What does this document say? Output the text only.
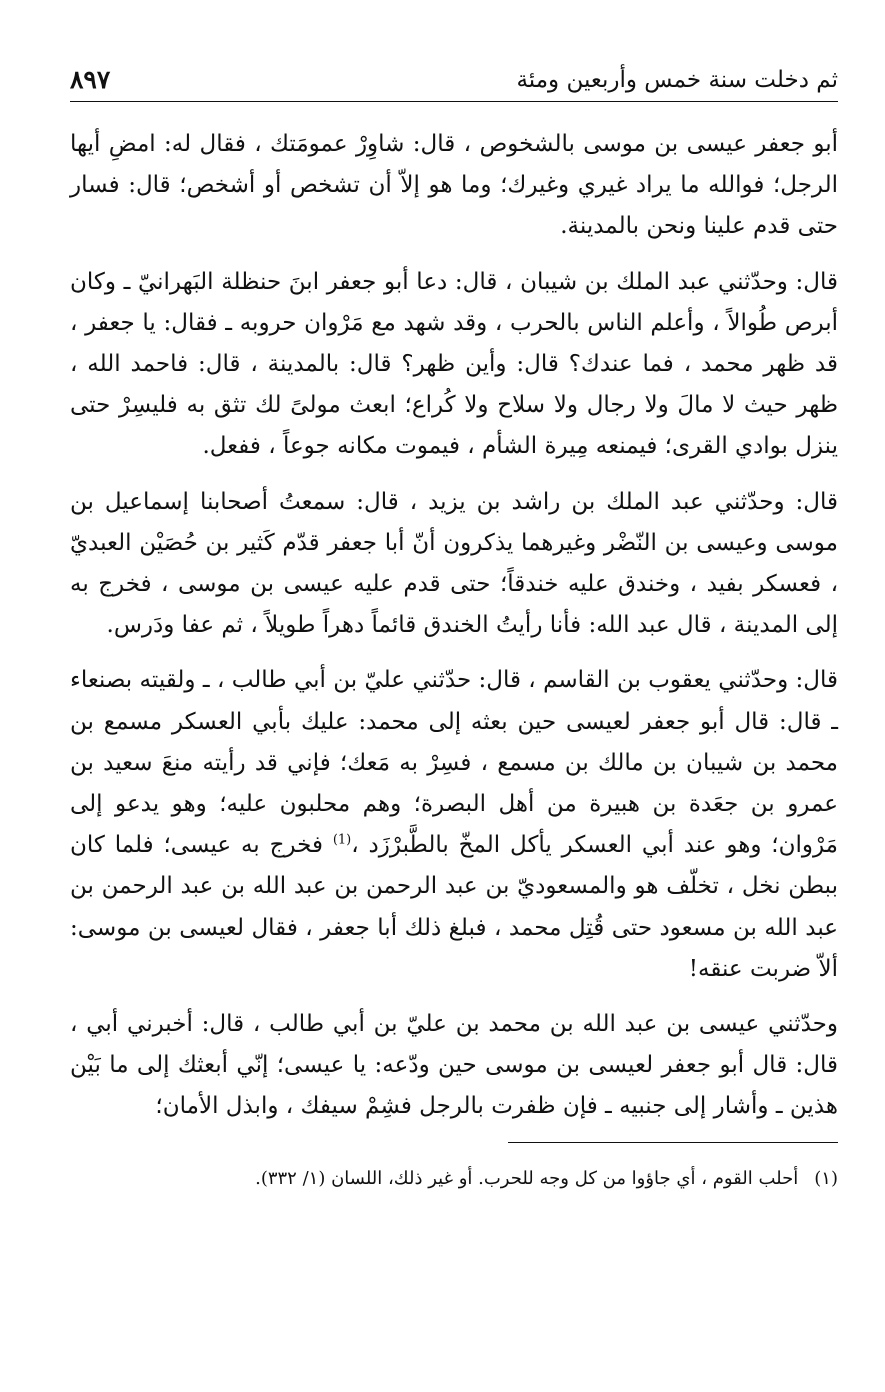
ثم دخلت سنة خمس وأربعين ومئة
٨٩٧

أبو جعفر عيسى بن موسى بالشخوص ، قال: شاوِرْ عمومَتك ، فقال له: امضِ أيها الرجل؛ فوالله ما يراد غيري وغيرك؛ وما هو إلاّ أن تشخص أو أشخص؛ قال: فسار حتى قدم علينا ونحن بالمدينة.

قال: وحدّثني عبد الملك بن شيبان ، قال: دعا أبو جعفر ابنَ حنظلة البَهرانيّ ـ وكان أبرص طُوالاً ، وأعلم الناس بالحرب ، وقد شهد مع مَرْوان حروبه ـ فقال: يا جعفر ، قد ظهر محمد ، فما عندك؟ قال: وأين ظهر؟ قال: بالمدينة ، قال: فاحمد الله ، ظهر حيث لا مالَ ولا رجال ولا سلاح ولا كُراع؛ ابعث مولىً لك تثق به فليسِرْ حتى ينزل بوادي القرى؛ فيمنعه مِيرة الشأم ، فيموت مكانه جوعاً ، ففعل.

قال: وحدّثني عبد الملك بن راشد بن يزيد ، قال: سمعتُ أصحابنا إسماعيل بن موسى وعيسى بن النّضْر وغيرهما يذكرون أنّ أبا جعفر قدّم كَثير بن حُصَيْن العبديّ ، فعسكر بفيد ، وخندق عليه خندقاً؛ حتى قدم عليه عيسى بن موسى ، فخرج به إلى المدينة ، قال عبد الله: فأنا رأيتُ الخندق قائماً دهراً طويلاً ، ثم عفا ودَرس.

قال: وحدّثني يعقوب بن القاسم ، قال: حدّثني عليّ بن أبي طالب ، ـ ولقيته بصنعاء ـ قال: قال أبو جعفر لعيسى حين بعثه إلى محمد: عليك بأبي العسكر مسمع بن محمد بن شيبان بن مالك بن مسمع ، فسِرْ به مَعك؛ فإني قد رأيته منعَ سعيد بن عمرو بن جعَدة بن هبيرة من أهل البصرة؛ وهم محلبون عليه؛ وهو يدعو إلى مَرْوان؛ وهو عند أبي العسكر يأكل المخّ بالطَّبرْزَد ،$^{(1)}$ فخرج به عيسى؛ فلما كان ببطن نخل ، تخلّف هو والمسعوديّ بن عبد الرحمن بن عبد الله بن عبد الرحمن بن عبد الله بن مسعود حتى قُتِل محمد ، فبلغ ذلك أبا جعفر ، فقال لعيسى بن موسى: ألاّ ضربت عنقه!

وحدّثني عيسى بن عبد الله بن محمد بن عليّ بن أبي طالب ، قال: أخبرني أبي ، قال: قال أبو جعفر لعيسى بن موسى حين ودّعه: يا عيسى؛ إنّي أبعثك إلى ما بَيْن هذين ـ وأشار إلى جنبيه ـ فإن ظفرت بالرجل فشِمْ سيفك ، وابذل الأمان؛

(١)أحلب القوم ، أي جاؤوا من كل وجه للحرب. أو غير ذلك، اللسان (١/ ٣٣٢).
